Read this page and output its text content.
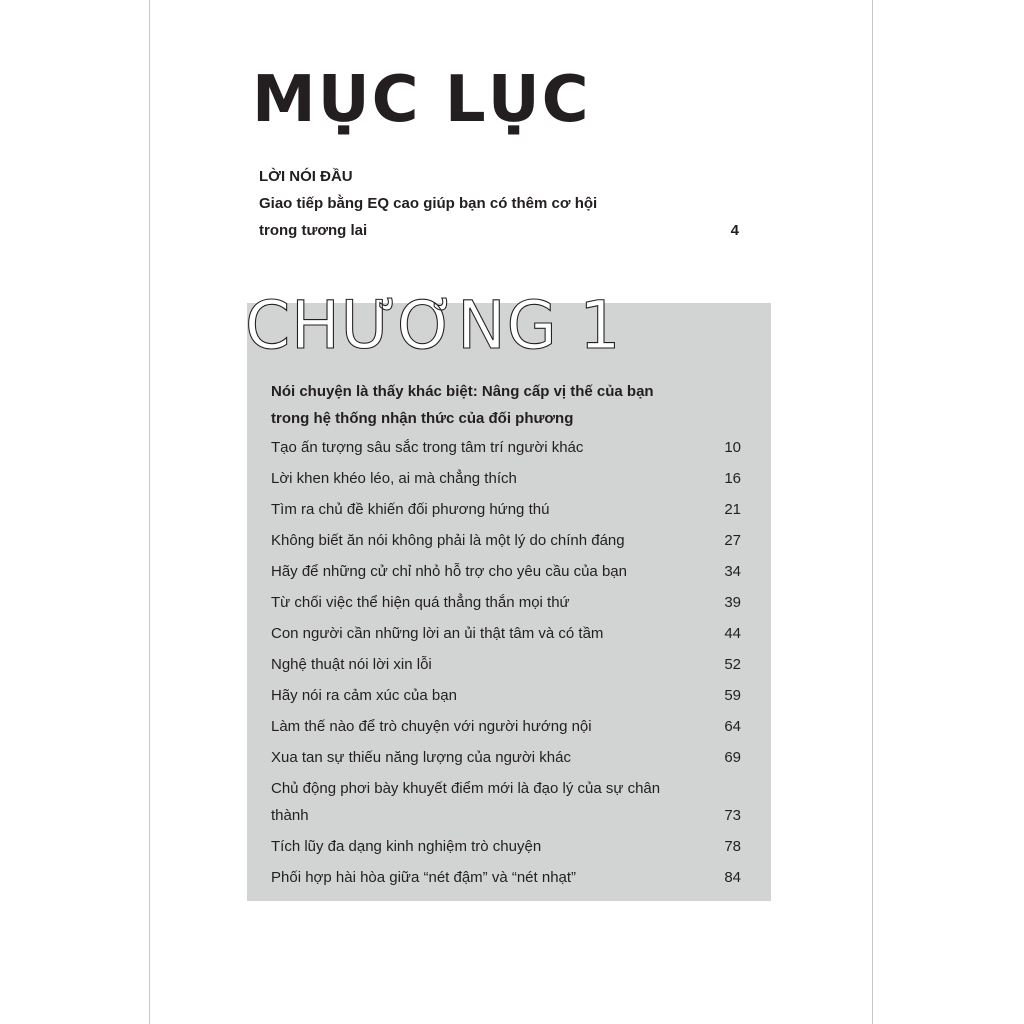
MỤC LỤC
LỜI NÓI ĐẦU
Giao tiếp bằng EQ cao giúp bạn có thêm cơ hội
trong tương lai	4
CHƯƠNG 1
Nói chuyện là thấy khác biệt: Nâng cấp vị thế của bạn
trong hệ thống nhận thức của đối phương
Tạo ấn tượng sâu sắc trong tâm trí người khác	10
Lời khen khéo léo, ai mà chẳng thích	16
Tìm ra chủ đề khiến đối phương hứng thú	21
Không biết ăn nói không phải là một lý do chính đáng	27
Hãy để những cử chỉ nhỏ hỗ trợ cho yêu cầu của bạn	34
Từ chối việc thể hiện quá thẳng thắn mọi thứ	39
Con người cần những lời an ủi thật tâm và có tầm	44
Nghệ thuật nói lời xin lỗi	52
Hãy nói ra cảm xúc của bạn	59
Làm thế nào để trò chuyện với người hướng nội	64
Xua tan sự thiếu năng lượng của người khác	69
Chủ động phơi bày khuyết điểm mới là đạo lý của sự chân thành	73
Tích lũy đa dạng kinh nghiệm trò chuyện	78
Phối hợp hài hòa giữa “nét đậm” và “nét nhạt”	84
